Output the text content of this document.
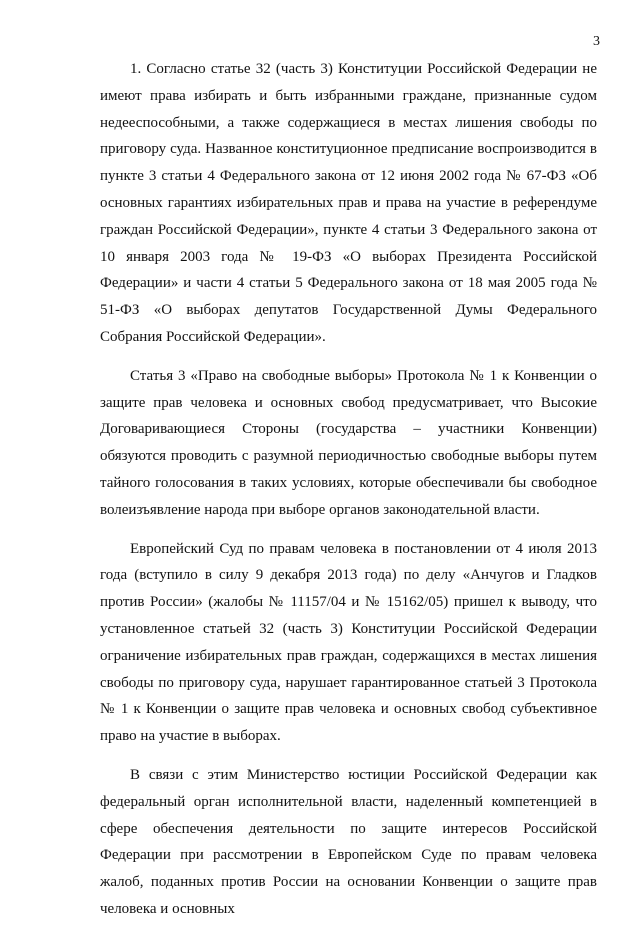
3

1. Согласно статье 32 (часть 3) Конституции Российской Федерации не имеют права избирать и быть избранными граждане, признанные судом недееспособными, а также содержащиеся в местах лишения свободы по приговору суда. Названное конституционное предписание воспроизводится в пункте 3 статьи 4 Федерального закона от 12 июня 2002 года № 67-ФЗ «Об основных гарантиях избирательных прав и права на участие в референдуме граждан Российской Федерации», пункте 4 статьи 3 Федерального закона от 10 января 2003 года № 19-ФЗ «О выборах Президента Российской Федерации» и части 4 статьи 5 Федерального закона от 18 мая 2005 года № 51-ФЗ «О выборах депутатов Государственной Думы Федерального Собрания Российской Федерации».

Статья 3 «Право на свободные выборы» Протокола № 1 к Конвенции о защите прав человека и основных свобод предусматривает, что Высокие Договаривающиеся Стороны (государства – участники Конвенции) обязуются проводить с разумной периодичностью свободные выборы путем тайного голосования в таких условиях, которые обеспечивали бы свободное волеизъявление народа при выборе органов законодательной власти.

Европейский Суд по правам человека в постановлении от 4 июля 2013 года (вступило в силу 9 декабря 2013 года) по делу «Анчугов и Гладков против России» (жалобы № 11157/04 и № 15162/05) пришел к выводу, что установленное статьей 32 (часть 3) Конституции Российской Федерации ограничение избирательных прав граждан, содержащихся в местах лишения свободы по приговору суда, нарушает гарантированное статьей 3 Протокола № 1 к Конвенции о защите прав человека и основных свобод субъективное право на участие в выборах.

В связи с этим Министерство юстиции Российской Федерации как федеральный орган исполнительной власти, наделенный компетенцией в сфере обеспечения деятельности по защите интересов Российской Федерации при рассмотрении в Европейском Суде по правам человека жалоб, поданных против России на основании Конвенции о защите прав человека и основных
